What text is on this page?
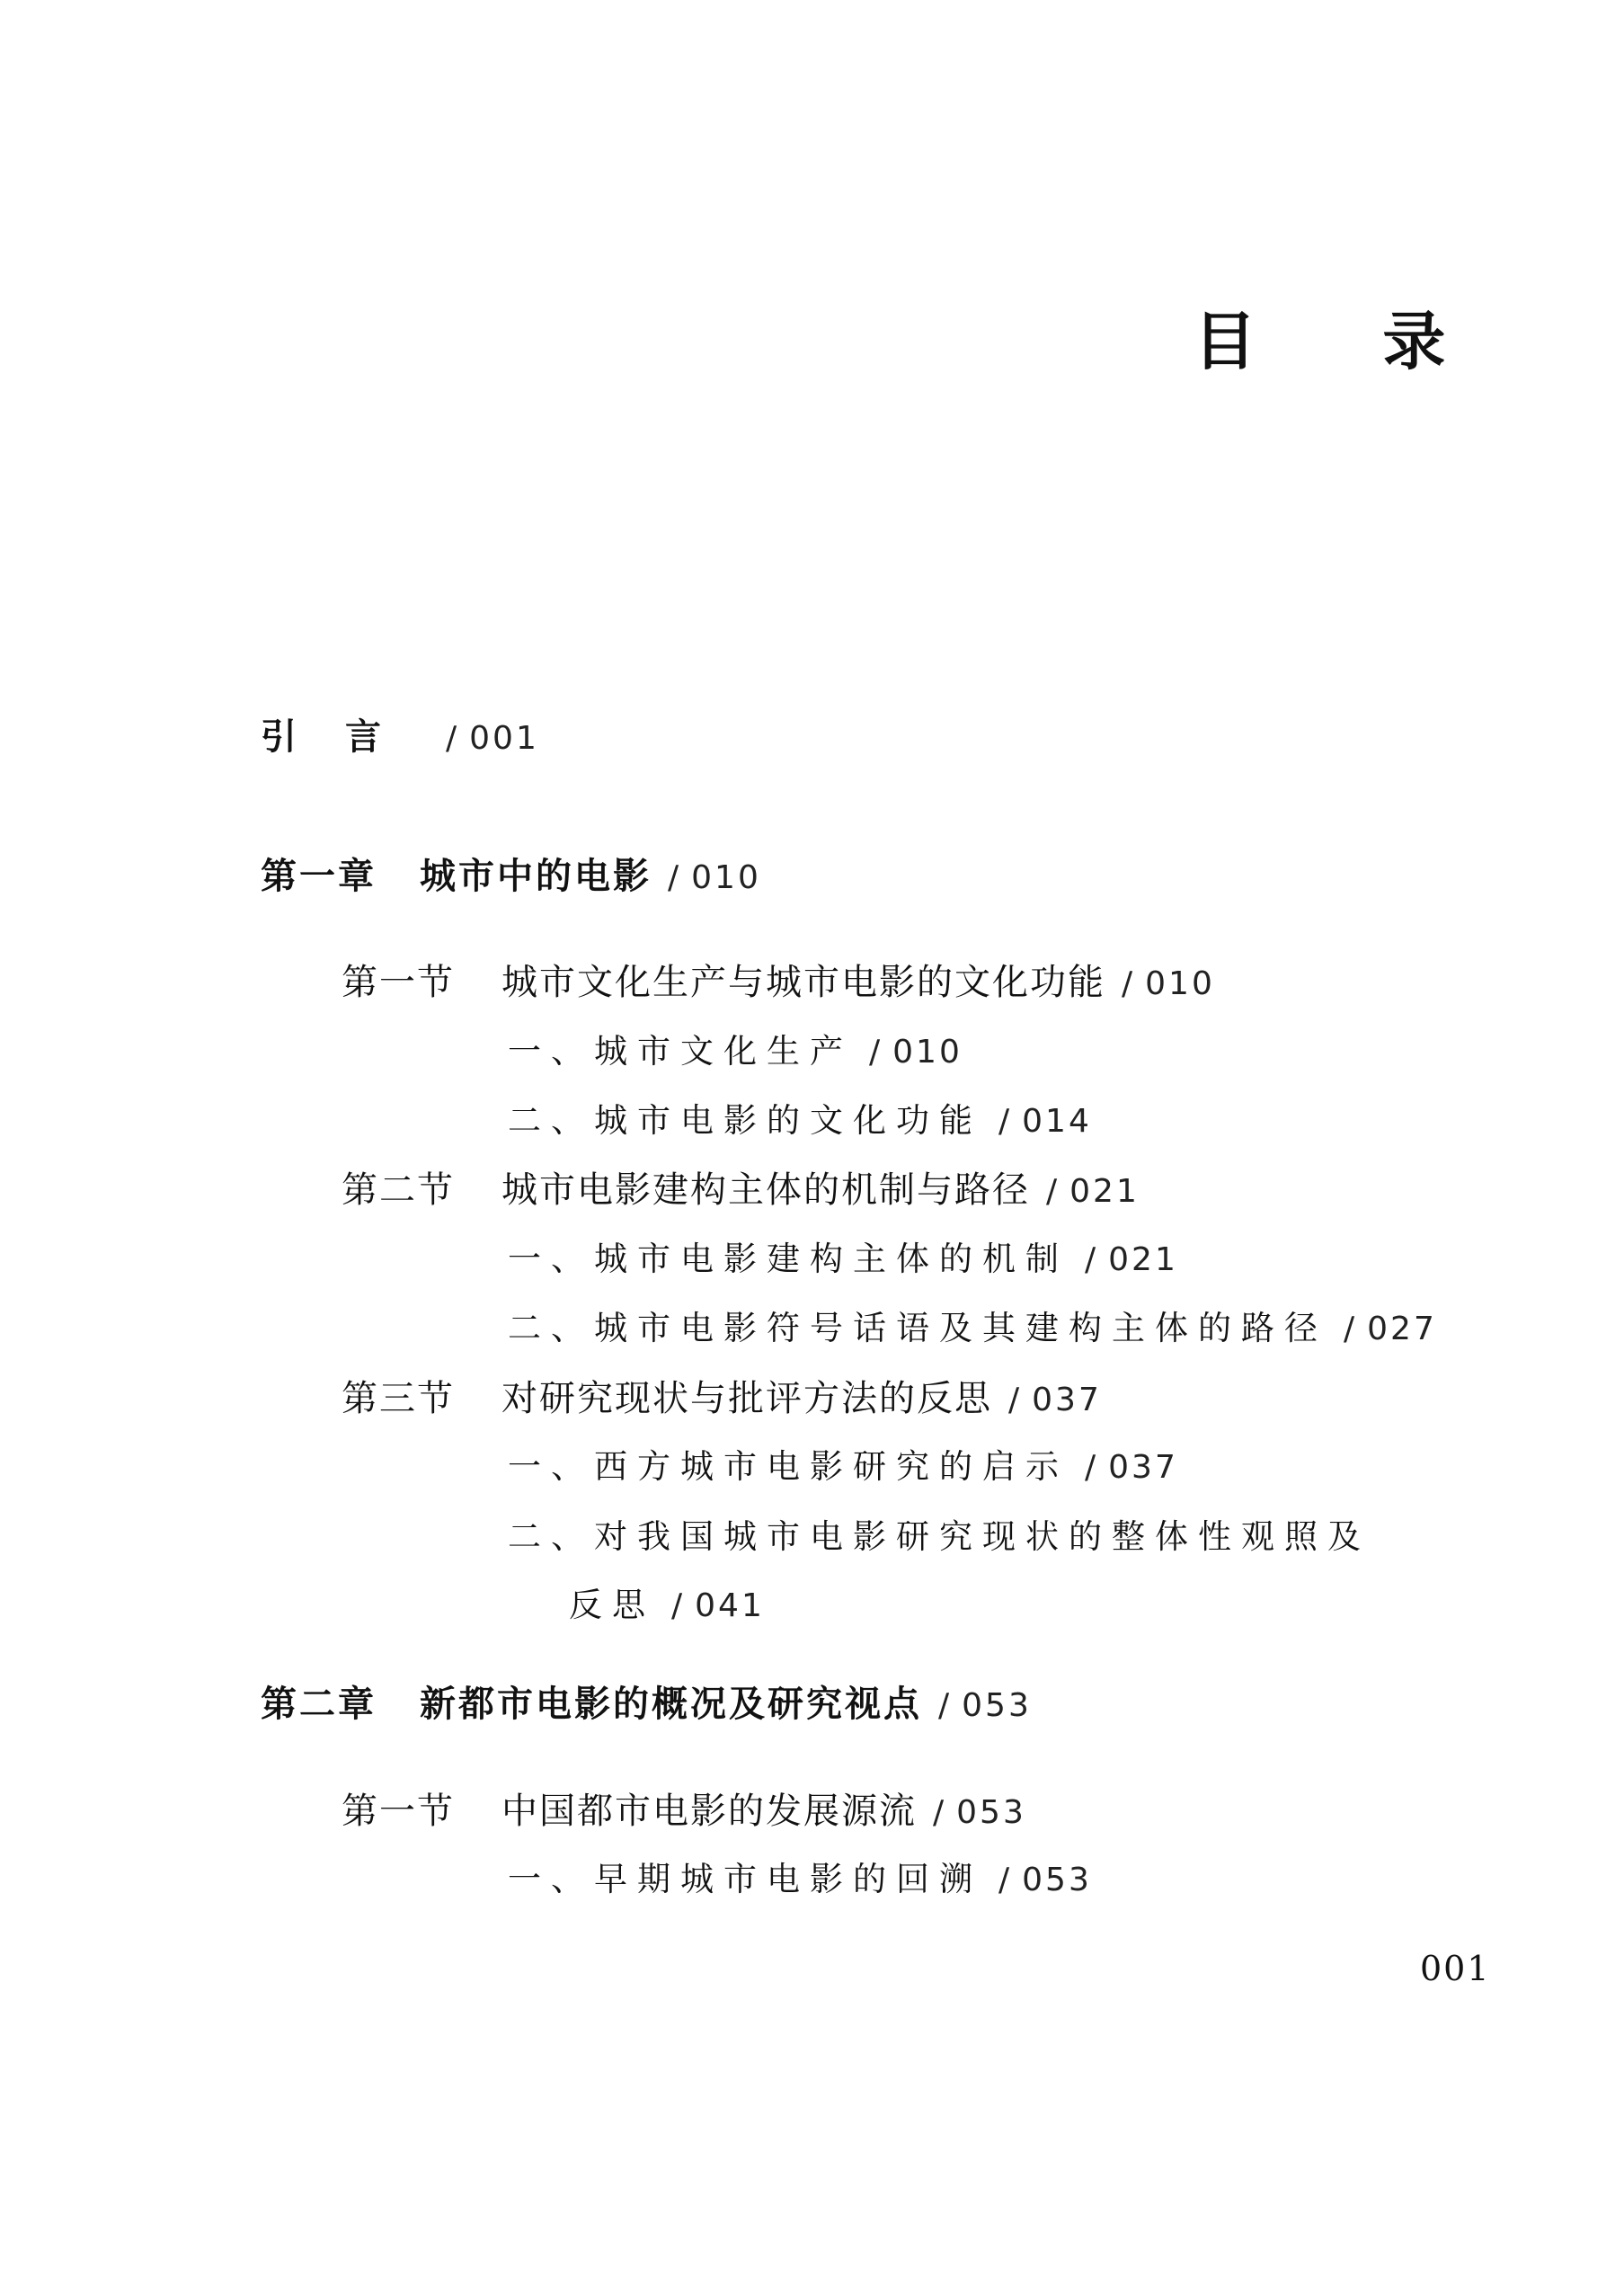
目 录
引言 / 001
第一章 城市中的电影 / 010
第一节 城市文化生产与城市电影的文化功能 / 010
一、城市文化生产 / 010
二、城市电影的文化功能 / 014
第二节 城市电影建构主体的机制与路径 / 021
一、城市电影建构主体的机制 / 021
二、城市电影符号话语及其建构主体的路径 / 027
第三节 对研究现状与批评方法的反思 / 037
一、西方城市电影研究的启示 / 037
二、对我国城市电影研究现状的整体性观照及
反思 / 041
第二章 新都市电影的概况及研究视点 / 053
第一节 中国都市电影的发展源流 / 053
一、早期城市电影的回溯 / 053
001
